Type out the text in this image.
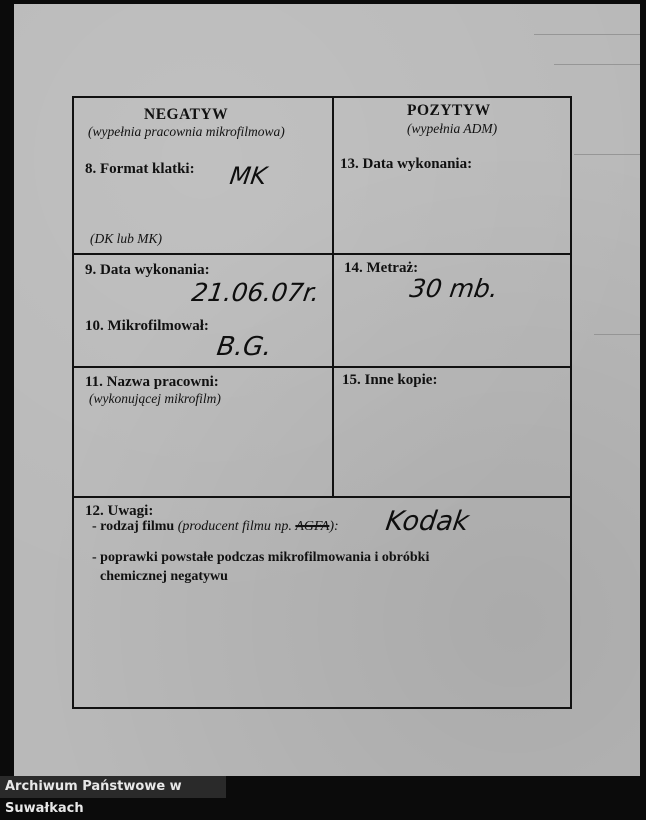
NEGATYW
(wypełnia pracownia mikrofilmowa)
POZYTYW
(wypełnia ADM)
8. Format klatki: MK
(DK lub MK)
13. Data wykonania:
9. Data wykonania:
21.06.07r.
14. Metraż:
30 mb.
10. Mikrofilmował:
B.G.
11. Nazwa pracowni:
(wykonującej mikrofilm)
15. Inne kopie:
12. Uwagi:
- rodzaj filmu (producent filmu np. AGFA): Kodak
- poprawki powstałe podczas mikrofilmowania i obróbki
chemicznej negatywu
Archiwum Państwowe w Suwałkach
